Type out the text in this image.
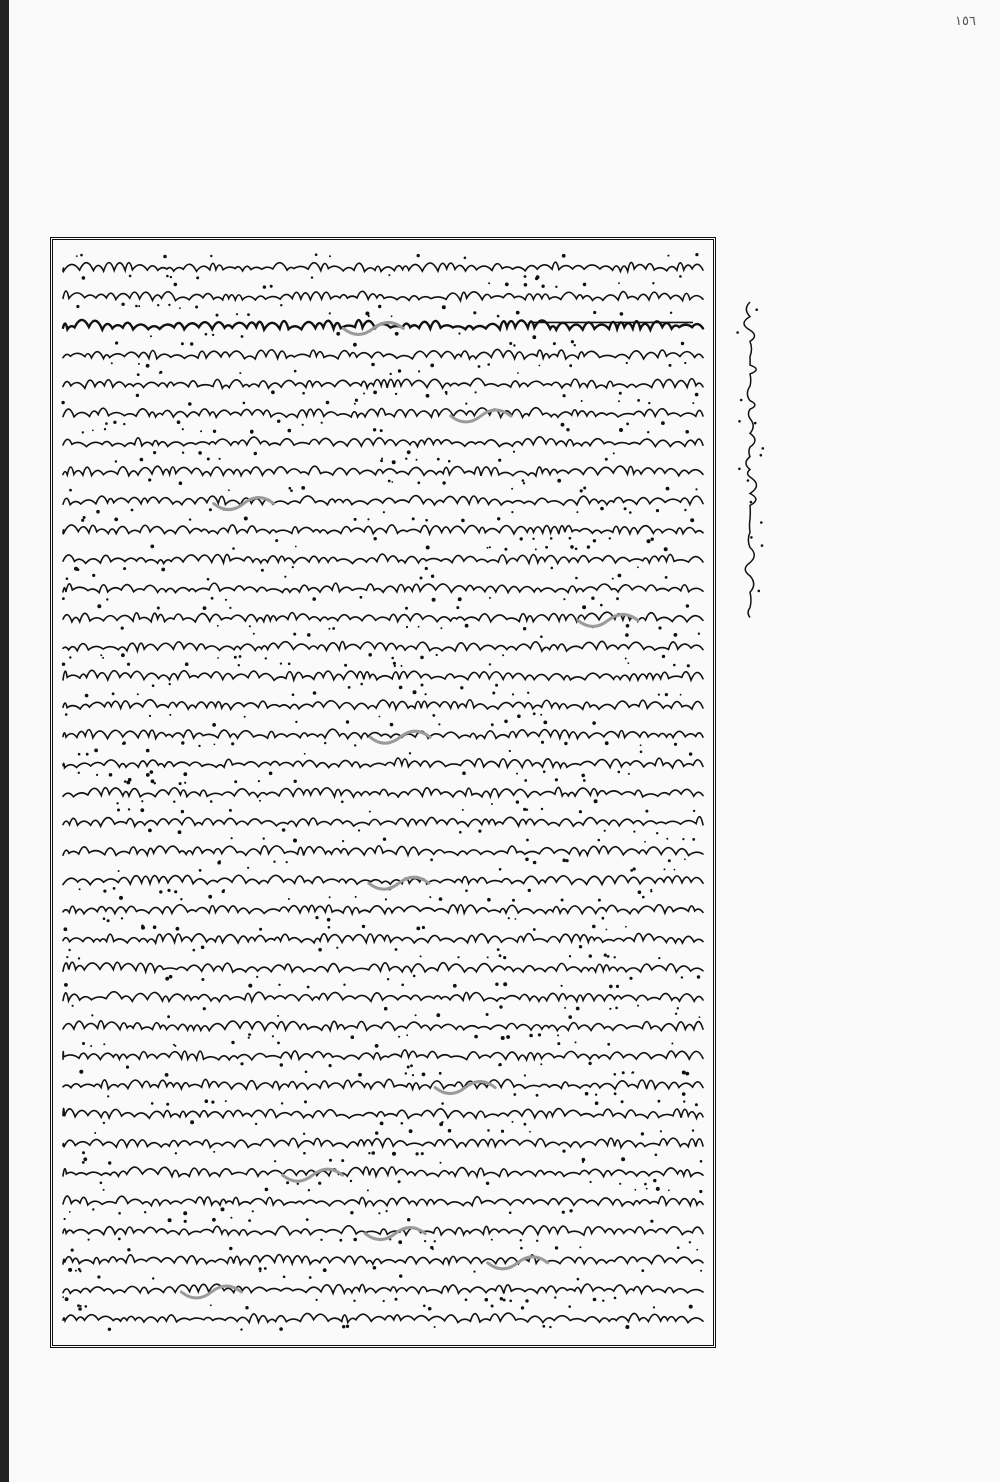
١٥٦
